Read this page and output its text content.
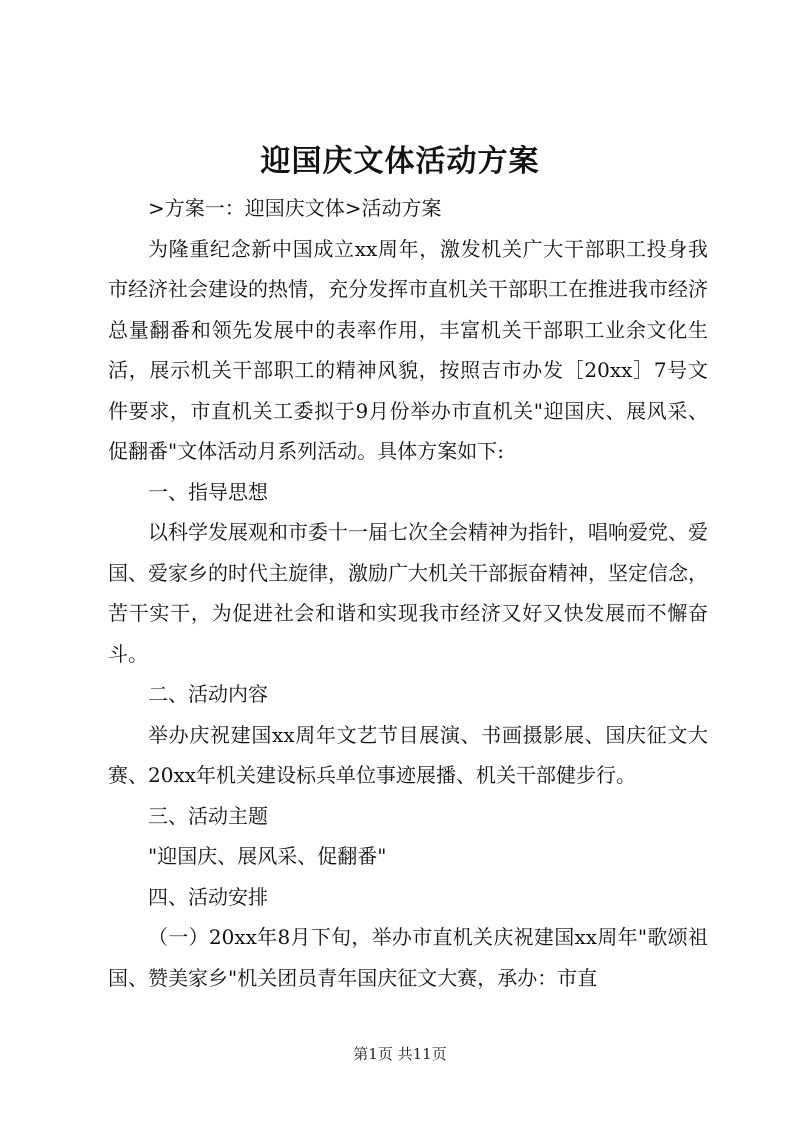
迎国庆文体活动方案

>方案一：迎国庆文体>活动方案

为隆重纪念新中国成立xx周年，激发机关广大干部职工投身我市经济社会建设的热情，充分发挥市直机关干部职工在推进我市经济总量翻番和领先发展中的表率作用，丰富机关干部职工业余文化生活，展示机关干部职工的精神风貌，按照吉市办发［20xx］7号文件要求，市直机关工委拟于9月份举办市直机关"迎国庆、展风采、促翻番"文体活动月系列活动。具体方案如下:

一、指导思想

以科学发展观和市委十一届七次全会精神为指针，唱响爱党、爱国、爱家乡的时代主旋律，激励广大机关干部振奋精神，坚定信念，苦干实干，为促进社会和谐和实现我市经济又好又快发展而不懈奋斗。

二、活动内容

举办庆祝建国xx周年文艺节目展演、书画摄影展、国庆征文大赛、20xx年机关建设标兵单位事迹展播、机关干部健步行。

三、活动主题

"迎国庆、展风采、促翻番"

四、活动安排

（一）20xx年8月下旬，举办市直机关庆祝建国xx周年"歌颂祖国、赞美家乡"机关团员青年国庆征文大赛，承办：市直

第1页 共11页
